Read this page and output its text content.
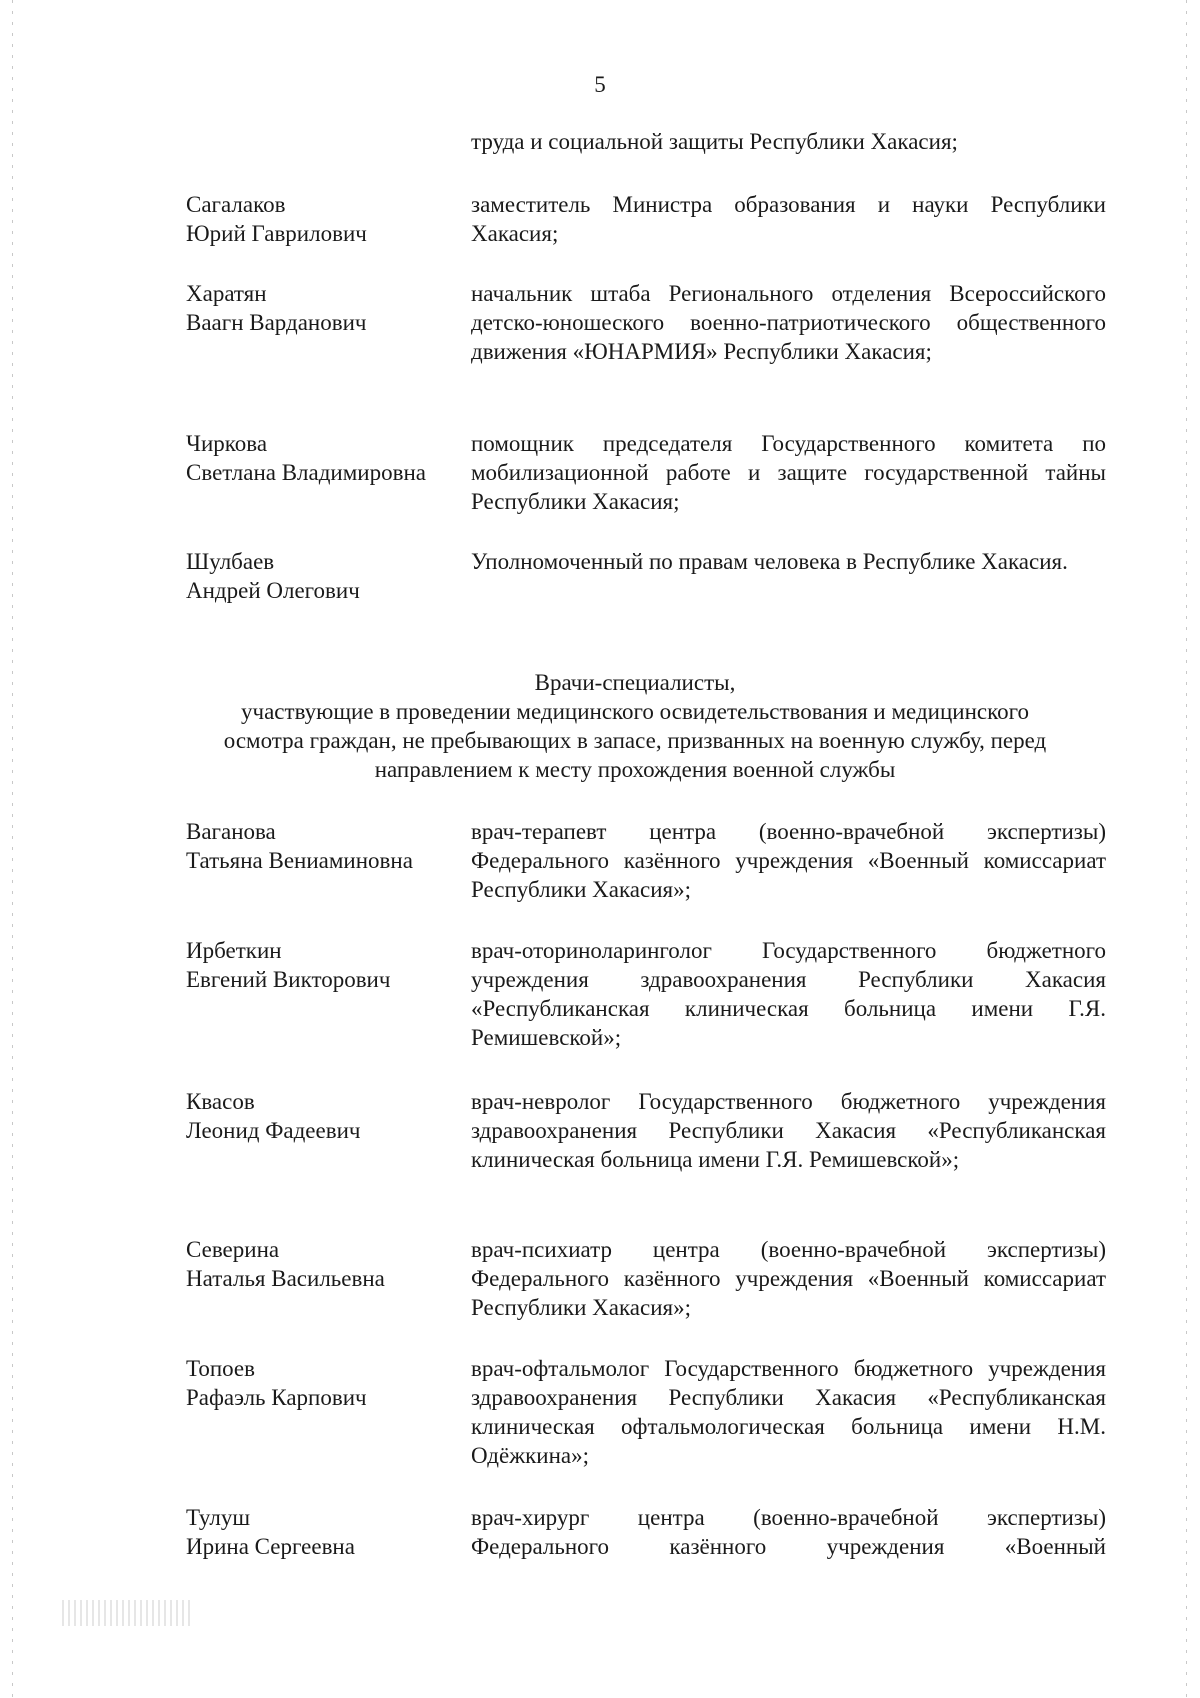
5
труда и социальной защиты Республики Хакасия;
Сагалаков
Юрий Гаврилович
заместитель Министра образования и науки Республики Хакасия;
Харатян
Ваагн Варданович
начальник штаба Регионального отделения Всероссийского детско-юношеского военно-патриотического общественного движения «ЮНАРМИЯ» Республики Хакасия;
Чиркова
Светлана Владимировна
помощник председателя Государственного комитета по мобилизационной работе и защите государственной тайны Республики Хакасия;
Шулбаев
Андрей Олегович
Уполномоченный по правам человека в Республике Хакасия.
Врачи-специалисты,
участвующие в проведении медицинского освидетельствования и медицинского
осмотра граждан, не пребывающих в запасе, призванных на военную службу, перед
направлением к месту прохождения военной службы
Ваганова
Татьяна Вениаминовна
врач-терапевт центра (военно-врачебной экспертизы) Федерального казённого учреждения «Военный комиссариат Республики Хакасия»;
Ирбеткин
Евгений Викторович
врач-оториноларинголог Государственного бюджетного учреждения здравоохранения Республики Хакасия «Республиканская клиническая больница имени Г.Я. Ремишевской»;
Квасов
Леонид Фадеевич
врач-невролог Государственного бюджетного учреждения здравоохранения Республики Хакасия «Республиканская клиническая больница имени Г.Я. Ремишевской»;
Северина
Наталья Васильевна
врач-психиатр центра (военно-врачебной экспертизы) Федерального казённого учреждения «Военный комиссариат Республики Хакасия»;
Топоев
Рафаэль Карпович
врач-офтальмолог Государственного бюджетного учреждения здравоохранения Республики Хакасия «Республиканская клиническая офтальмологическая больница имени Н.М. Одёжкина»;
Тулуш
Ирина Сергеевна
врач-хирург центра (военно-врачебной экспертизы) Федерального казённого учреждения «Военный
